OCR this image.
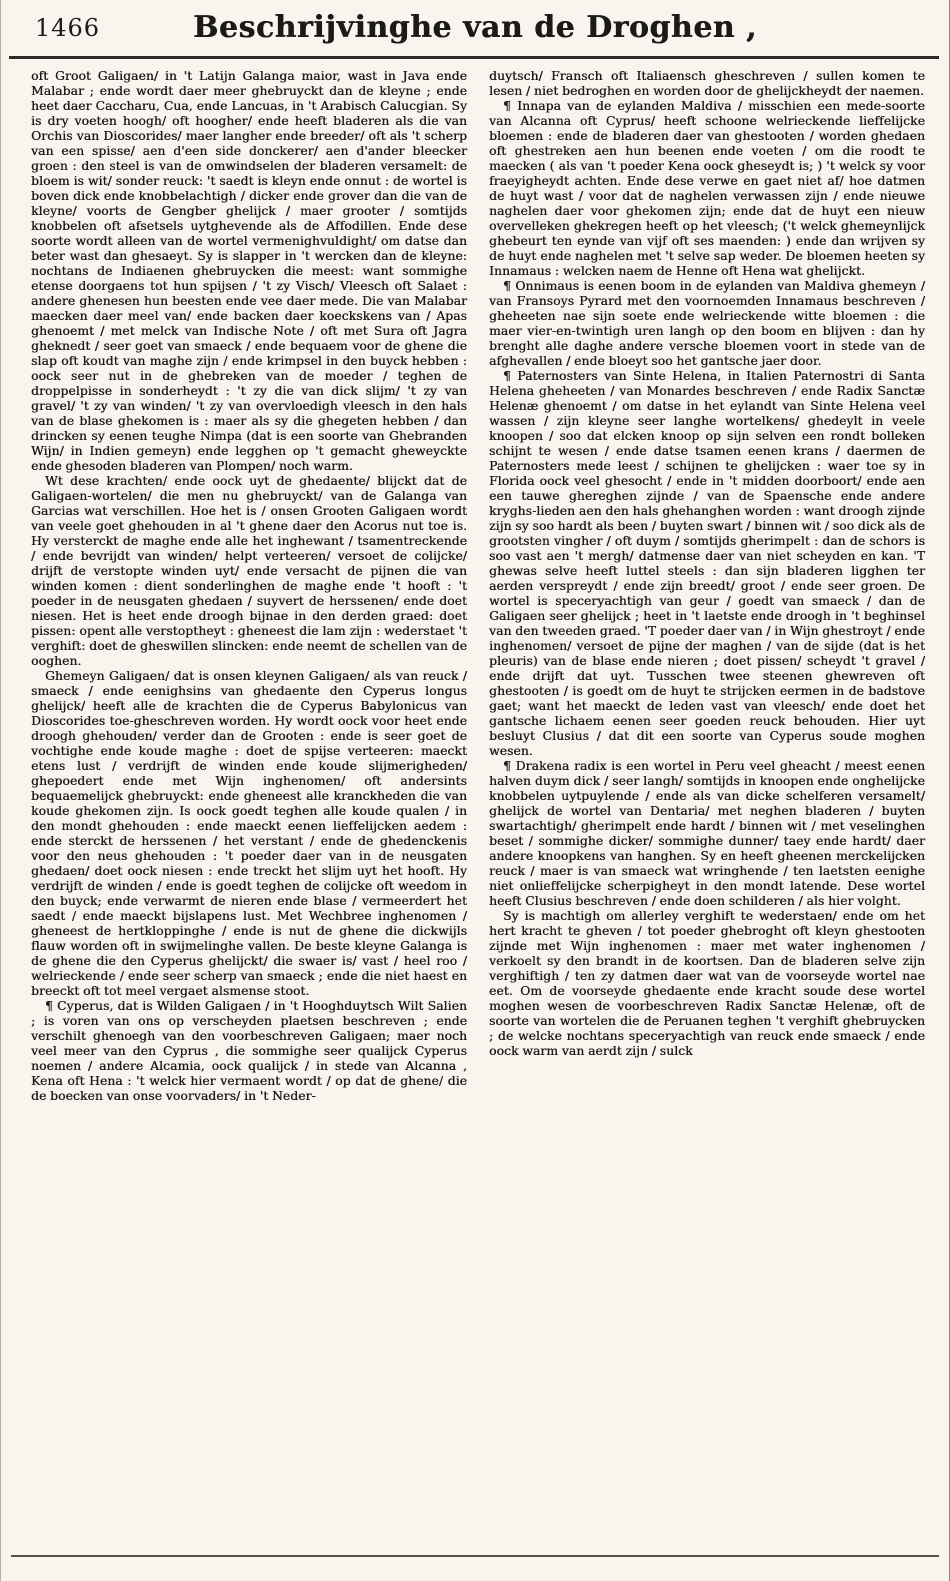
1466	Beschrijvinghe van de Droghen ,

oft Groot Galigaen/ in 't Latijn Galanga maior, wast in Java ende Malabar ; ende wordt daer meer ghebruyckt dan de kleyne ; ende heet daer Caccharu, Cua, ende Lancuas, in 't Arabisch Calucgian. Sy is dry voeten hoogh/ oft hoogher/ ende heeft bladeren als die van Orchis van Dioscorides/ maer langher ende breeder/ oft als 't scherp van een spisse/ aen d'een side donckerer/ aen d'ander bleecker groen : den steel is van de omwindselen der bladeren versamelt: de bloem is wit/ sonder reuck: 't saedt is kleyn ende onnut : de wortel is boven dick ende knobbelachtigh / dicker ende grover dan die van de kleyne/ voorts de Gengber ghelijck / maer grooter / somtijds knobbelen oft afsetsels uytghevende als de Affodillen. Ende dese soorte wordt alleen van de wortel vermenighvuldight/ om datse dan beter wast dan ghesaeyt. Sy is slapper in 't wercken dan de kleyne: nochtans de Indiaenen ghebruycken die meest: want sommighe etense doorgaens tot hun spijsen / 't zy Visch/ Vleesch oft Salaet : andere ghenesen hun beesten ende vee daer mede. Die van Malabar maecken daer meel van/ ende backen daer koeckskens van / Apas ghenoemt / met melck van Indische Note / oft met Sura oft Jagra gheknedt / seer goet van smaeck / ende bequaem voor de ghene die slap oft koudt van maghe zijn / ende krimpsel in den buyck hebben : oock seer nut in de ghebreken van de moeder / teghen de droppelpisse in sonderheydt : 't zy die van dick slijm/ 't zy van gravel/ 't zy van winden/ 't zy van overvloedigh vleesch in den hals van de blase ghekomen is : maer als sy die ghegeten hebben / dan drincken sy eenen teughe Nimpa (dat is een soorte van Ghebranden Wijn/ in Indien gemeyn) ende legghen op 't gemacht gheweyckte ende ghesoden bladeren van Plompen/ noch warm.

Wt dese krachten/ ende oock uyt de ghedaente/ blijckt dat de Galigaen-wortelen/ die men nu ghebruyckt/ van de Galanga van Garcias wat verschillen. Hoe het is / onsen Grooten Galigaen wordt van veele goet ghehouden in al 't ghene daer den Acorus nut toe is. Hy versterckt de maghe ende alle het inghewant / tsamentreckende / ende bevrijdt van winden/ helpt verteeren/ versoet de colijcke/ drijft de verstopte winden uyt/ ende versacht de pijnen die van winden komen : dient sonderlinghen de maghe ende 't hooft : 't poeder in de neusgaten ghedaen / suyvert de herssenen/ ende doet niesen. Het is heet ende droogh bijnae in den derden graed: doet pissen: opent alle verstoptheyt : gheneest die lam zijn : wederstaet 't verghift: doet de gheswillen slincken: ende neemt de schellen van de ooghen.

Ghemeyn Galigaen/ dat is onsen kleynen Galigaen/ als van reuck / smaeck / ende eenighsins van ghedaente den Cyperus longus ghelijck/ heeft alle de krachten die de Cyperus Babylonicus van Dioscorides toe-gheschreven worden. Hy wordt oock voor heet ende droogh ghehouden/ verder dan de Grooten : ende is seer goet de vochtighe ende koude maghe : doet de spijse verteeren: maeckt etens lust / verdrijft de winden ende koude slijmerigheden/ ghepoedert ende met Wijn inghenomen/ oft andersints bequaemelijck ghebruyckt: ende gheneest alle kranckheden die van koude ghekomen zijn. Is oock goedt teghen alle koude qualen / in den mondt ghehouden : ende maeckt eenen lieffelijcken aedem : ende sterckt de herssenen / het verstant / ende de ghedenckenis voor den neus ghehouden : 't poeder daer van in de neusgaten ghedaen/ doet oock niesen : ende treckt het slijm uyt het hooft. Hy verdrijft de winden / ende is goedt teghen de colijcke oft weedom in den buyck; ende verwarmt de nieren ende blase / vermeerdert het saedt / ende maeckt bijslapens lust. Met Wechbree inghenomen / gheneest de hertkloppinghe / ende is nut de ghene die dickwijls flauw worden oft in swijmelinghe vallen. De beste kleyne Galanga is de ghene die den Cyperus ghelijckt/ die swaer is/ vast / heel roo / welrieckende / ende seer scherp van smaeck ; ende die niet haest en breeckt oft tot meel vergaet alsmense stoot.

¶ Cyperus, dat is Wilden Galigaen / in 't Hooghduytsch Wilt Salien ; is voren van ons op verscheyden plaetsen beschreven ; ende verschilt ghenoegh van den voorbeschreven Galigaen; maer noch veel meer van den Cyprus , die sommighe seer qualijck Cyperus noemen / andere Alcamia, oock qualijck / in stede van Alcanna , Kena oft Hena : 't welck hier vermaent wordt / op dat de ghene/ die de boecken van onse voorvaders/ in 't Neder-

duytsch/ Fransch oft Italiaensch gheschreven / sullen komen te lesen / niet bedroghen en worden door de ghelijckheydt der naemen.

¶ Innapa van de eylanden Maldiva / misschien een mede-soorte van Alcanna oft Cyprus/ heeft schoone welrieckende lieffelijcke bloemen : ende de bladeren daer van ghestooten / worden ghedaen oft ghestreken aen hun beenen ende voeten / om die roodt te maecken ( als van 't poeder Kena oock gheseydt is; ) 't welck sy voor fraeyigheydt achten. Ende dese verwe en gaet niet af/ hoe datmen de huyt wast / voor dat de naghelen verwassen zijn / ende nieuwe naghelen daer voor ghekomen zijn; ende dat de huyt een nieuw overvelleken ghekregen heeft op het vleesch; ('t welck ghemeynlijck ghebeurt ten eynde van vijf oft ses maenden: ) ende dan wrijven sy de huyt ende naghelen met 't selve sap weder. De bloemen heeten sy Innamaus : welcken naem de Henne oft Hena wat ghelijckt.

¶ Onnimaus is eenen boom in de eylanden van Maldiva ghemeyn / van Fransoys Pyrard met den voornoemden Innamaus beschreven / gheheeten nae sijn soete ende welrieckende witte bloemen : die maer vier-en-twintigh uren langh op den boom en blijven : dan hy brenght alle daghe andere versche bloemen voort in stede van de afghevallen / ende bloeyt soo het gantsche jaer door.

¶ Paternosters van Sinte Helena, in Italien Paternostri di Santa Helena gheheeten / van Monardes beschreven / ende Radix Sanctæ Helenæ ghenoemt / om datse in het eylandt van Sinte Helena veel wassen / zijn kleyne seer langhe wortelkens/ ghedeylt in veele knoopen / soo dat elcken knoop op sijn selven een rondt bolleken schijnt te wesen / ende datse tsamen eenen krans / daermen de Paternosters mede leest / schijnen te ghelijcken : waer toe sy in Florida oock veel ghesocht / ende in 't midden doorboort/ ende aen een tauwe ghereghen zijnde / van de Spaensche ende andere kryghs-lieden aen den hals ghehanghen worden : want droogh zijnde zijn sy soo hardt als been / buyten swart / binnen wit / soo dick als de grootsten vingher / oft duym / somtijds gherimpelt : dan de schors is soo vast aen 't mergh/ datmense daer van niet scheyden en kan. 'T ghewas selve heeft luttel steels : dan sijn bladeren ligghen ter aerden verspreydt / ende zijn breedt/ groot / ende seer groen. De wortel is speceryachtigh van geur / goedt van smaeck / dan de Galigaen seer ghelijck ; heet in 't laetste ende droogh in 't beghinsel van den tweeden graed. 'T poeder daer van / in Wijn ghestroyt / ende inghenomen/ versoet de pijne der maghen / van de sijde (dat is het pleuris) van de blase ende nieren ; doet pissen/ scheydt 't gravel / ende drijft dat uyt. Tusschen twee steenen ghewreven oft ghestooten / is goedt om de huyt te strijcken eermen in de badstove gaet; want het maeckt de leden vast van vleesch/ ende doet het gantsche lichaem eenen seer goeden reuck behouden. Hier uyt besluyt Clusius / dat dit een soorte van Cyperus soude moghen wesen.

¶ Drakena radix is een wortel in Peru veel gheacht / meest eenen halven duym dick / seer langh/ somtijds in knoopen ende onghelijcke knobbelen uytpuylende / ende als van dicke schelferen versamelt/ ghelijck de wortel van Dentaria/ met neghen bladeren / buyten swartachtigh/ gherimpelt ende hardt / binnen wit / met veselinghen beset / sommighe dicker/ sommighe dunner/ taey ende hardt/ daer andere knoopkens van hanghen. Sy en heeft gheenen merckelijcken reuck / maer is van smaeck wat wringhende / ten laetsten eenighe niet onlieffelijcke scherpigheyt in den mondt latende. Dese wortel heeft Clusius beschreven / ende doen schilderen / als hier volght.

Sy is machtigh om allerley verghift te wederstaen/ ende om het hert kracht te gheven / tot poeder ghebroght oft kleyn ghestooten zijnde met Wijn inghenomen : maer met water inghenomen / verkoelt sy den brandt in de koortsen. Dan de bladeren selve zijn verghiftigh / ten zy datmen daer wat van de voorseyde wortel nae eet. Om de voorseyde ghedaente ende kracht soude dese wortel moghen wesen de voorbeschreven Radix Sanctæ Helenæ, oft de soorte van wortelen die de Peruanen teghen 't verghift ghebruycken ; de welcke nochtans speceryachtigh van reuck ende smaeck / ende oock warm van aerdt zijn / sulck
